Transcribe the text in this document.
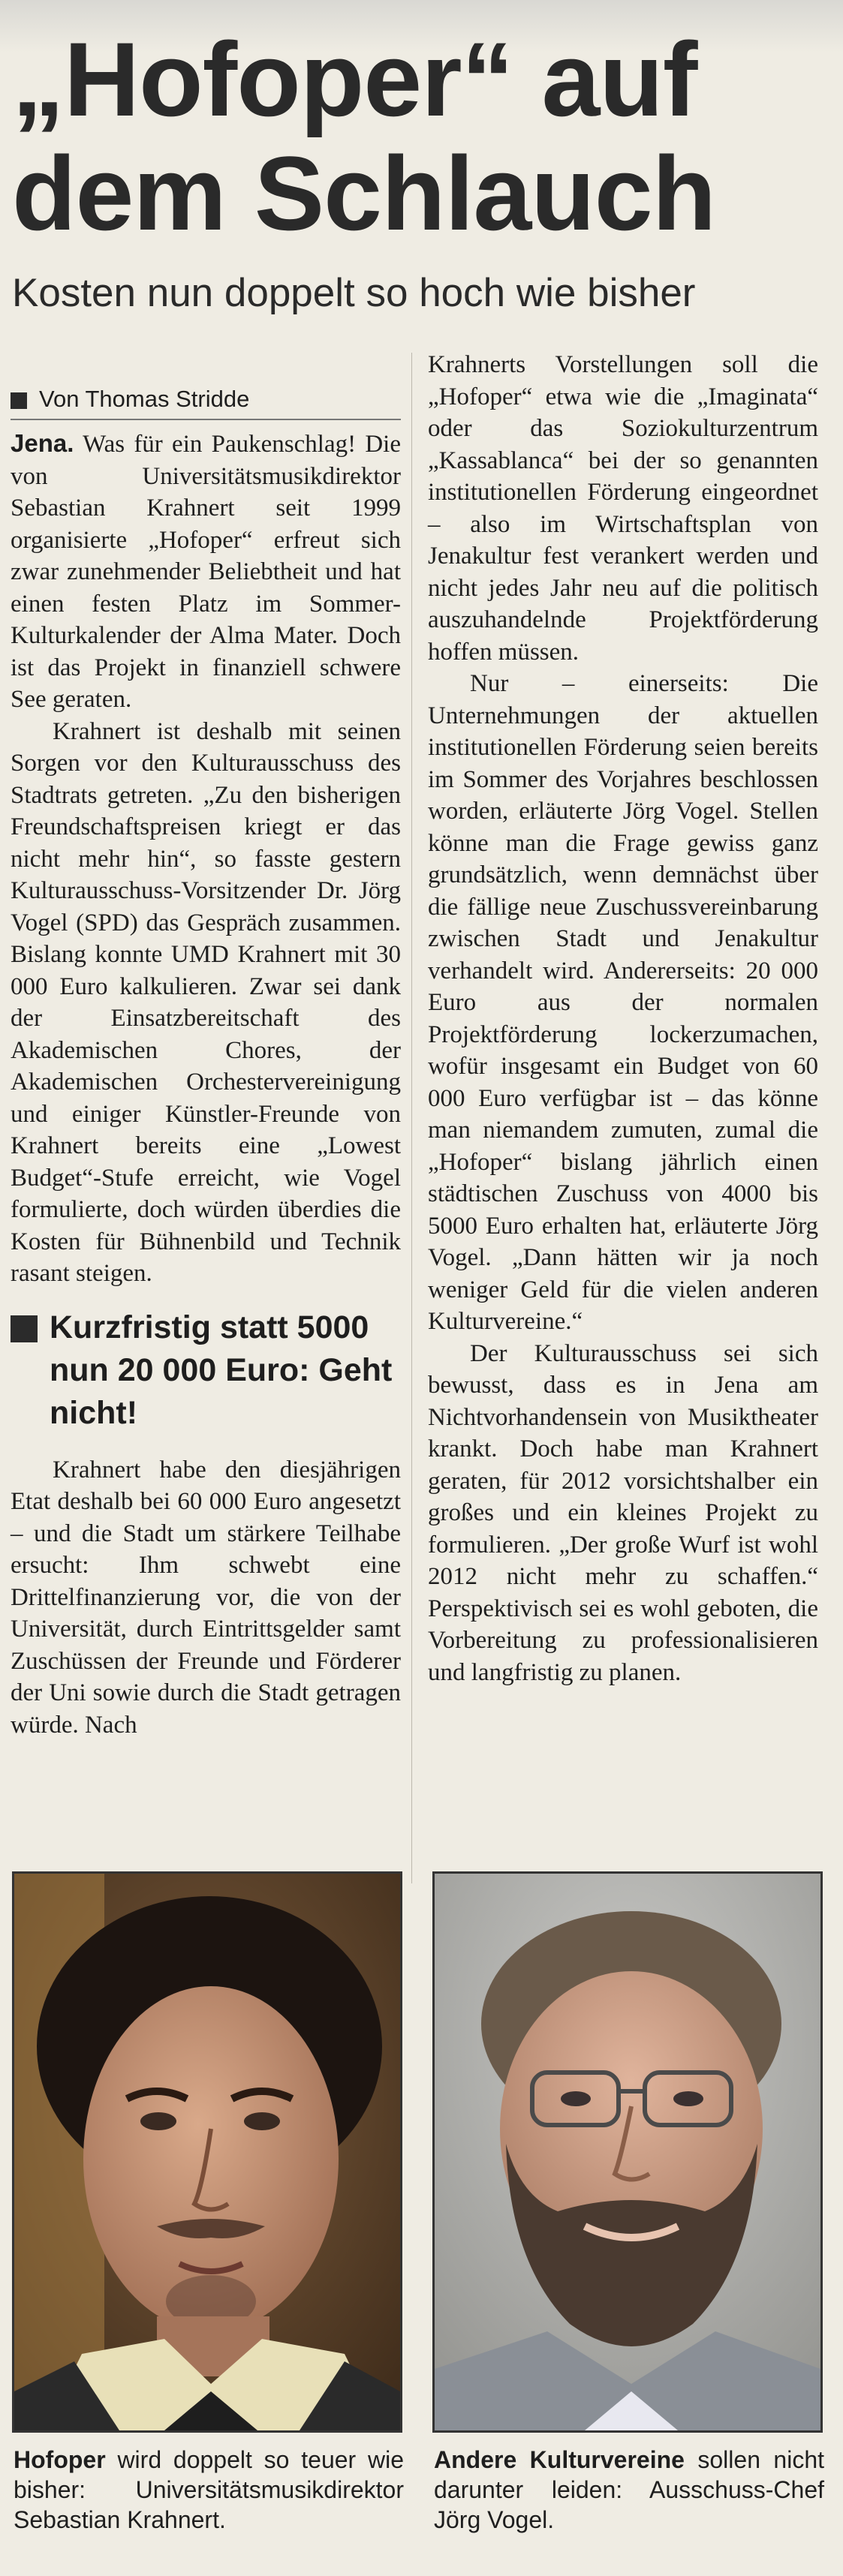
„Hofoper“ auf dem Schlauch
Kosten nun doppelt so hoch wie bisher
Von Thomas Stridde

Jena. Was für ein Paukenschlag! Die von Universitätsmusikdirektor Sebastian Krahnert seit 1999 organisierte „Hofoper“ erfreut sich zwar zunehmender Beliebtheit und hat einen festen Platz im Sommer-Kulturkalender der Alma Mater. Doch ist das Projekt in finanziell schwere See geraten.

Krahnert ist deshalb mit seinen Sorgen vor den Kulturausschuss des Stadtrats getreten. „Zu den bisherigen Freundschaftspreisen kriegt er das nicht mehr hin“, so fasste gestern Kulturausschuss-Vorsitzender Dr. Jörg Vogel (SPD) das Gespräch zusammen. Bislang konnte UMD Krahnert mit 30 000 Euro kalkulieren. Zwar sei dank der Einsatzbereitschaft des Akademischen Chores, der Akademischen Orchestervereinigung und einiger Künstler-Freunde von Krahnert bereits eine „Lowest Budget“-Stufe erreicht, wie Vogel formulierte, doch würden überdies die Kosten für Bühnenbild und Technik rasant steigen.

Kurzfristig statt 5000 nun 20 000 Euro: Geht nicht!

Krahnert habe den diesjährigen Etat deshalb bei 60 000 Euro angesetzt – und die Stadt um stärkere Teilhabe ersucht: Ihm schwebt eine Drittelfinanzierung vor, die von der Universität, durch Eintrittsgelder samt Zuschüssen der Freunde und Förderer der Uni sowie durch die Stadt getragen würde. Nach

Krahnerts Vorstellungen soll die „Hofoper“ etwa wie die „Imaginata“ oder das Soziokulturzentrum „Kassablanca“ bei der so genannten institutionellen Förderung eingeordnet – also im Wirtschaftsplan von Jenakultur fest verankert werden und nicht jedes Jahr neu auf die politisch auszuhandelnde Projektförderung hoffen müssen.

Nur – einerseits: Die Unternehmungen der aktuellen institutionellen Förderung seien bereits im Sommer des Vorjahres beschlossen worden, erläuterte Jörg Vogel. Stellen könne man die Frage gewiss ganz grundsätzlich, wenn demnächst über die fällige neue Zuschussvereinbarung zwischen Stadt und Jenakultur verhandelt wird. Andererseits: 20 000 Euro aus der normalen Projektförderung lockerzumachen, wofür insgesamt ein Budget von 60 000 Euro verfügbar ist – das könne man niemandem zumuten, zumal die „Hofoper“ bislang jährlich einen städtischen Zuschuss von 4000 bis 5000 Euro erhalten hat, erläuterte Jörg Vogel. „Dann hätten wir ja noch weniger Geld für die vielen anderen Kulturvereine.“

Der Kulturausschuss sei sich bewusst, dass es in Jena am Nichtvorhandensein von Musiktheater krankt. Doch habe man Krahnert geraten, für 2012 vorsichtshalber ein großes und ein kleines Projekt zu formulieren. „Der große Wurf ist wohl 2012 nicht mehr zu schaffen.“ Perspektivisch sei es wohl geboten, die Vorbereitung zu professionalisieren und langfristig zu planen.

Hofoper wird doppelt so teuer wie bisher: Universitätsmusikdirektor Sebastian Krahnert.
Andere Kulturvereine sollen nicht darunter leiden: Ausschuss-Chef Jörg Vogel.
